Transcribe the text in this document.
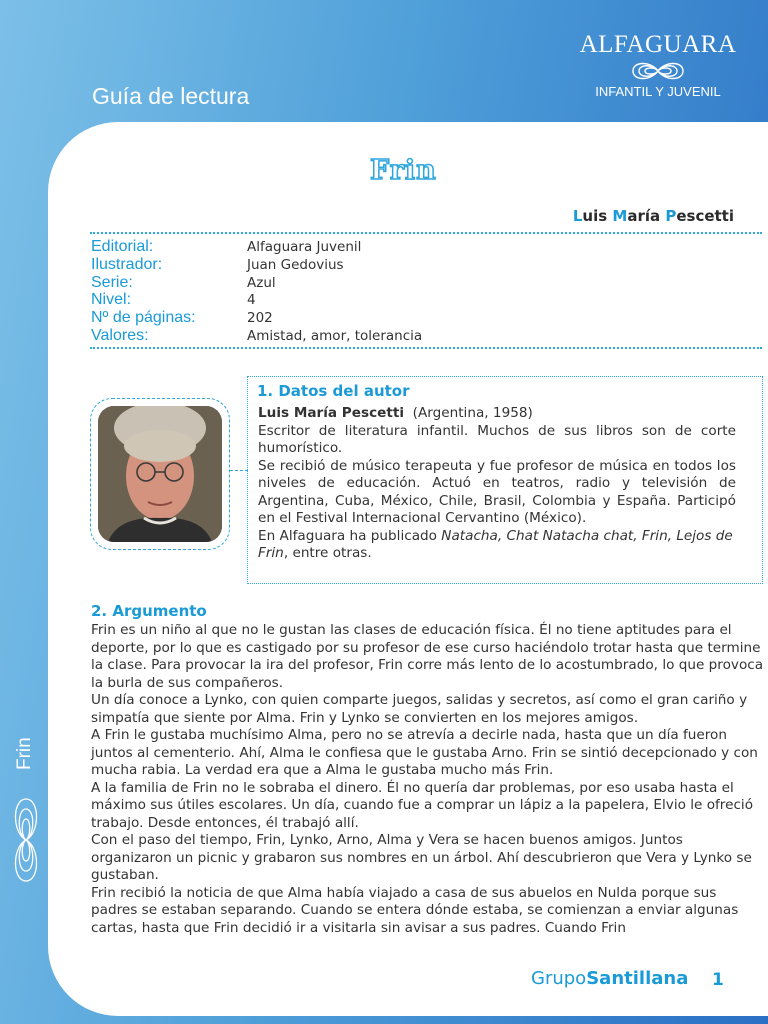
Guía de lectura
ALFAGUARA
INFANTIL Y JUVENIL
Frin
Frin
Luis María Pescetti
Editorial:	Alfaguara Juvenil
Ilustrador:	Juan Gedovius
Serie:	Azul
Nivel:	4
Nº de páginas:	202
Valores:	Amistad, amor, tolerancia
1. Datos del autor
Luis María Pescetti (Argentina, 1958)
Escritor de literatura infantil. Muchos de sus libros son de corte humorístico.
Se recibió de músico terapeuta y fue profesor de música en todos los niveles de educación. Actuó en teatros, radio y televisión de Argentina, Cuba, México, Chile, Brasil, Colombia y España. Participó en el Festival Internacional Cervantino (México).
En Alfaguara ha publicado Natacha, Chat Natacha chat, Frin, Lejos de Frin, entre otras.
2. Argumento

Frin es un niño al que no le gustan las clases de educación física. Él no tiene aptitudes para el deporte, por lo que es castigado por su profesor de ese curso haciéndolo trotar hasta que termine la clase. Para provocar la ira del profesor, Frin corre más lento de lo acostumbrado, lo que provoca la burla de sus compañeros.

Un día conoce a Lynko, con quien comparte juegos, salidas y secretos, así como el gran cariño y simpatía que siente por Alma. Frin y Lynko se convierten en los mejores amigos.

A Frin le gustaba muchísimo Alma, pero no se atrevía a decirle nada, hasta que un día fueron juntos al cementerio. Ahí, Alma le confiesa que le gustaba Arno. Frin se sintió decepcionado y con mucha rabia. La verdad era que a Alma le gustaba mucho más Frin.

A la familia de Frin no le sobraba el dinero. Él no quería dar problemas, por eso usaba hasta el máximo sus útiles escolares. Un día, cuando fue a comprar un lápiz a la papelera, Elvio le ofreció trabajo. Desde entonces, él trabajó allí.

Con el paso del tiempo, Frin, Lynko, Arno, Alma y Vera se hacen buenos amigos. Juntos organizaron un picnic y grabaron sus nombres en un árbol. Ahí descubrieron que Vera y Lynko se gustaban.

Frin recibió la noticia de que Alma había viajado a casa de sus abuelos en Nulda porque sus padres se estaban separando. Cuando se entera dónde estaba, se comienzan a enviar algunas cartas, hasta que Frin decidió ir a visitarla sin avisar a sus padres. Cuando Frin

GrupoSantillana 1
